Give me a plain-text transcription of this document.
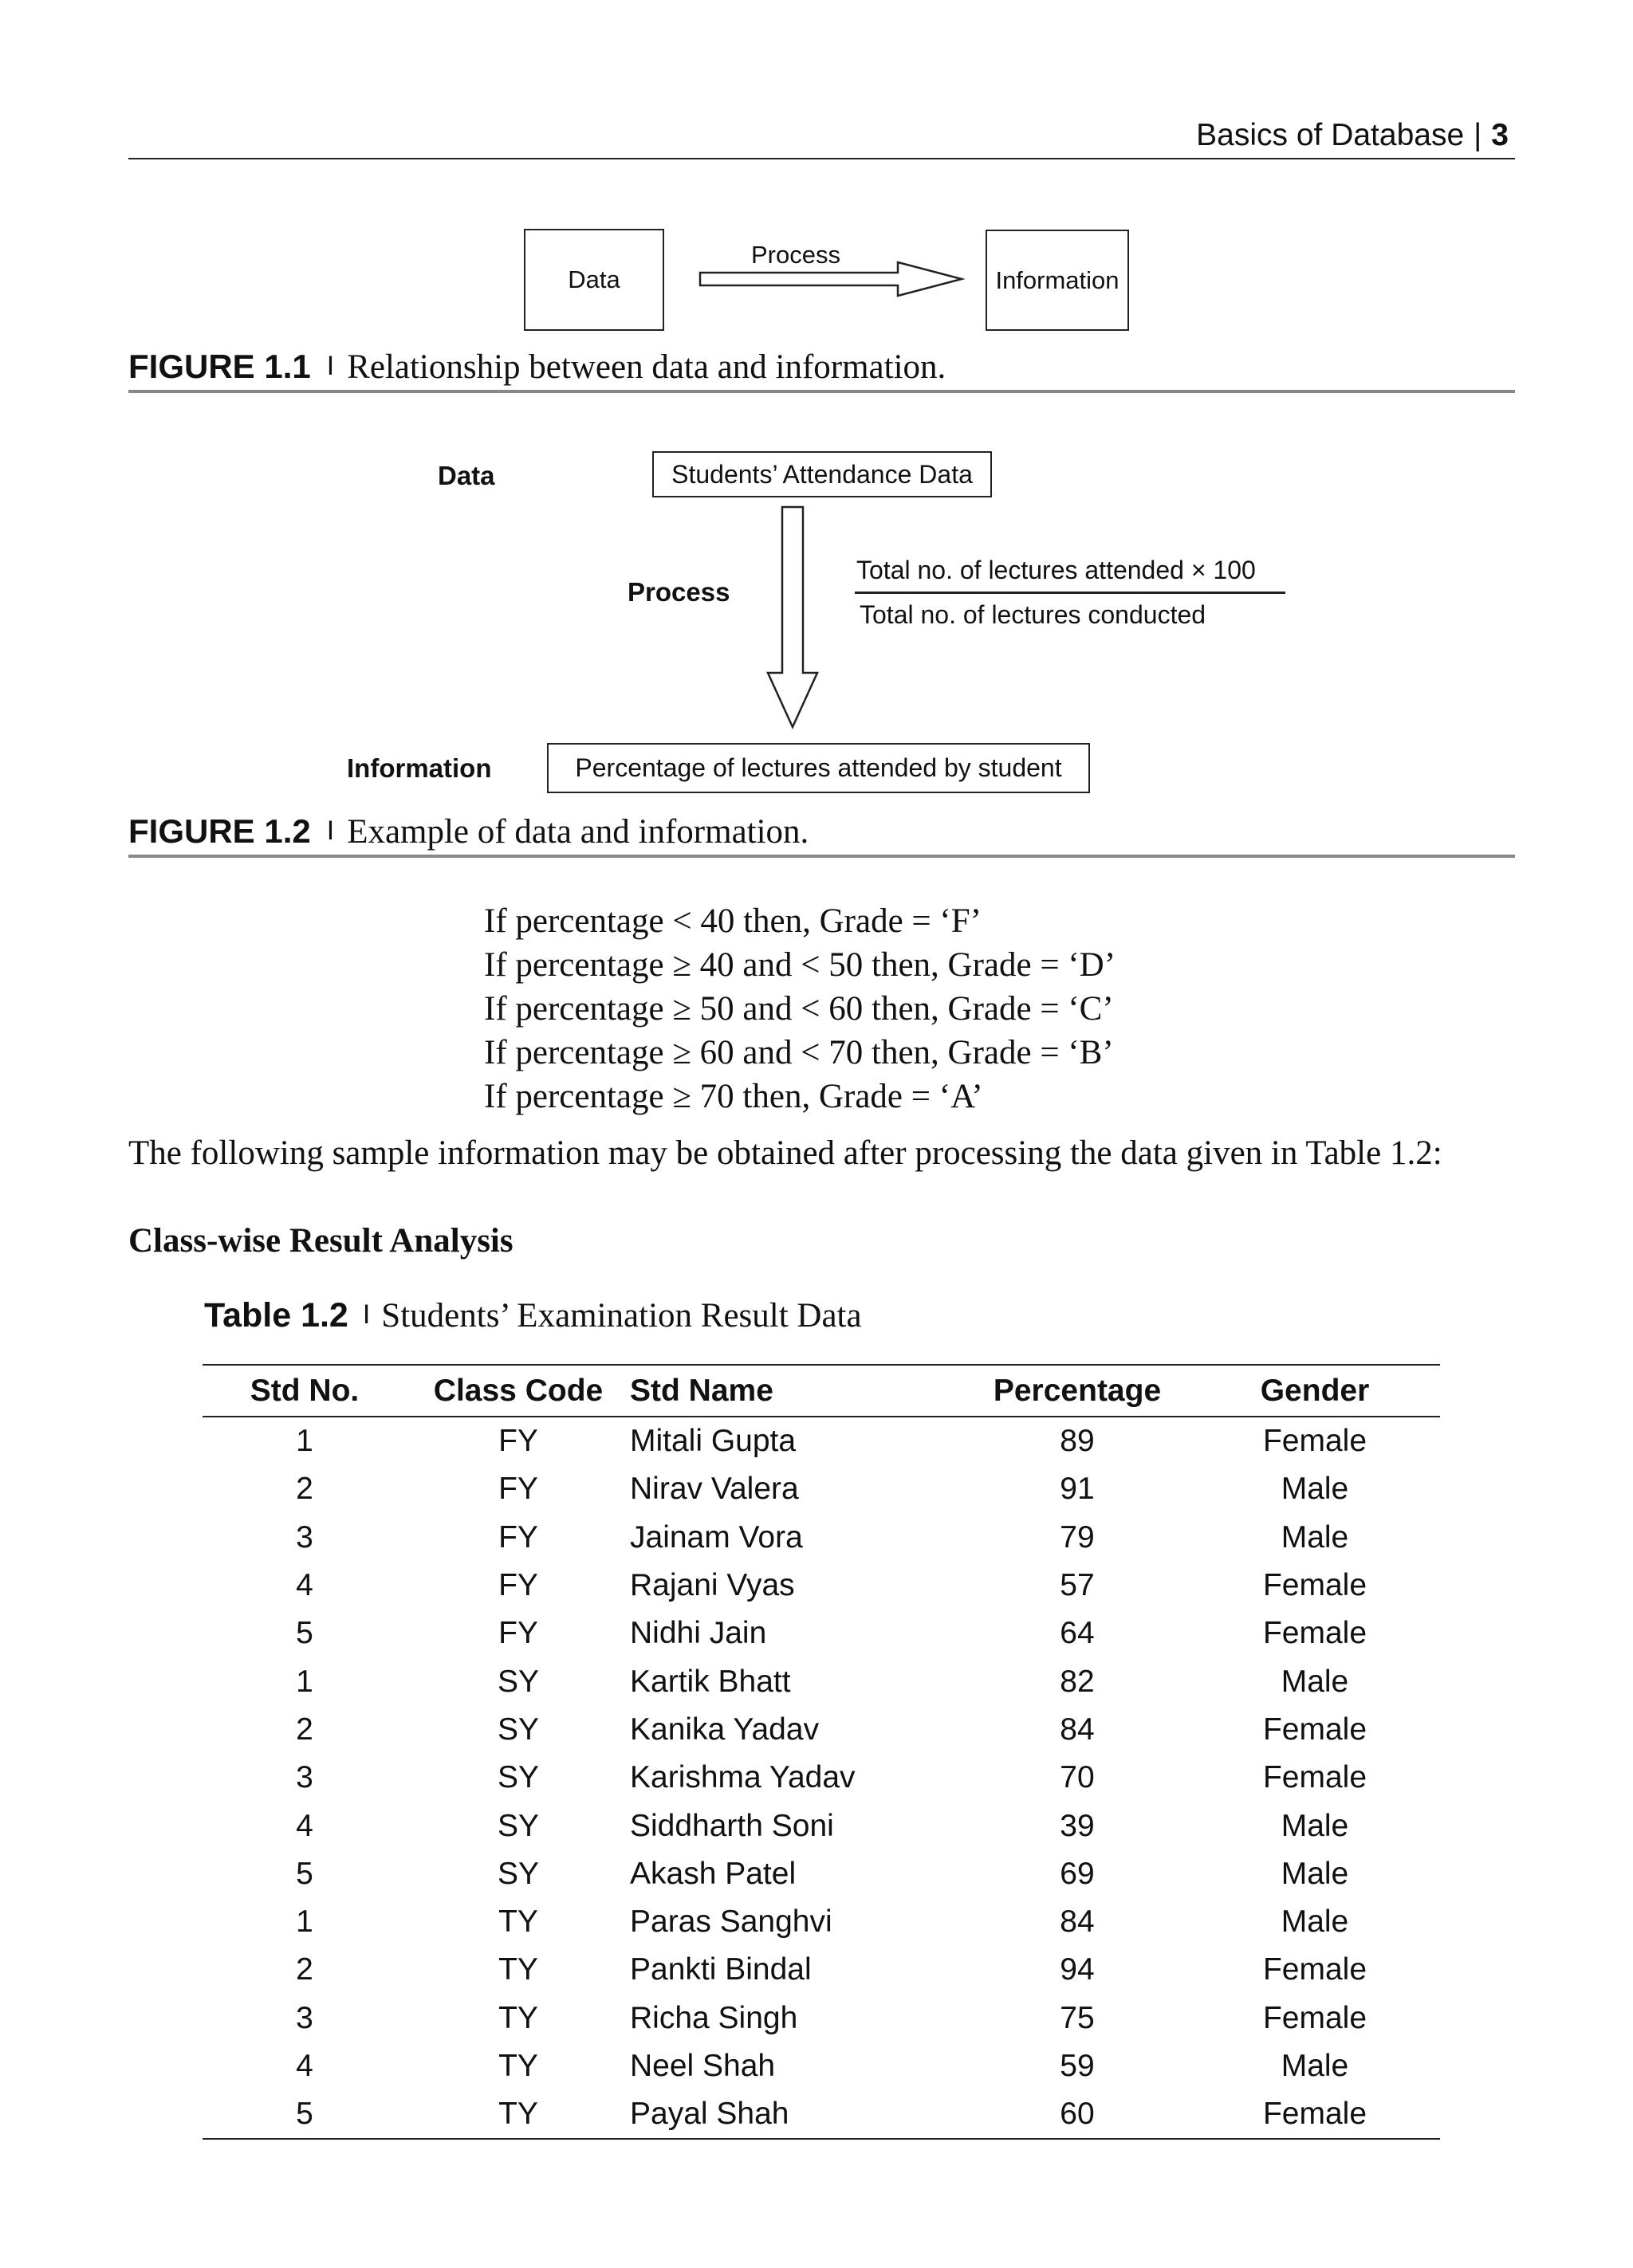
Basics of Database | 3
Data
Process
Information
FIGURE 1.1 I Relationship between data and information.
Data	Students’ Attendance Data
Process
Total no. of lectures attended × 100
Total no. of lectures conducted
Information	Percentage of lectures attended by student
FIGURE 1.2 I Example of data and information.
If percentage < 40 then, Grade = ‘F’
If percentage ≥ 40 and < 50 then, Grade = ‘D’
If percentage ≥ 50 and < 60 then, Grade = ‘C’
If percentage ≥ 60 and < 70 then, Grade = ‘B’
If percentage ≥ 70 then, Grade = ‘A’
The following sample information may be obtained after processing the data given in Table 1.2:
Class-wise Result Analysis
Table 1.2 I Students’ Examination Result Data
Std No.	Class Code	Std Name	Percentage	Gender
1	FY	Mitali Gupta	89	Female
2	FY	Nirav Valera	91	Male
3	FY	Jainam Vora	79	Male
4	FY	Rajani Vyas	57	Female
5	FY	Nidhi Jain	64	Female
1	SY	Kartik Bhatt	82	Male
2	SY	Kanika Yadav	84	Female
3	SY	Karishma Yadav	70	Female
4	SY	Siddharth Soni	39	Male
5	SY	Akash Patel	69	Male
1	TY	Paras Sanghvi	84	Male
2	TY	Pankti Bindal	94	Female
3	TY	Richa Singh	75	Female
4	TY	Neel Shah	59	Male
5	TY	Payal Shah	60	Female
